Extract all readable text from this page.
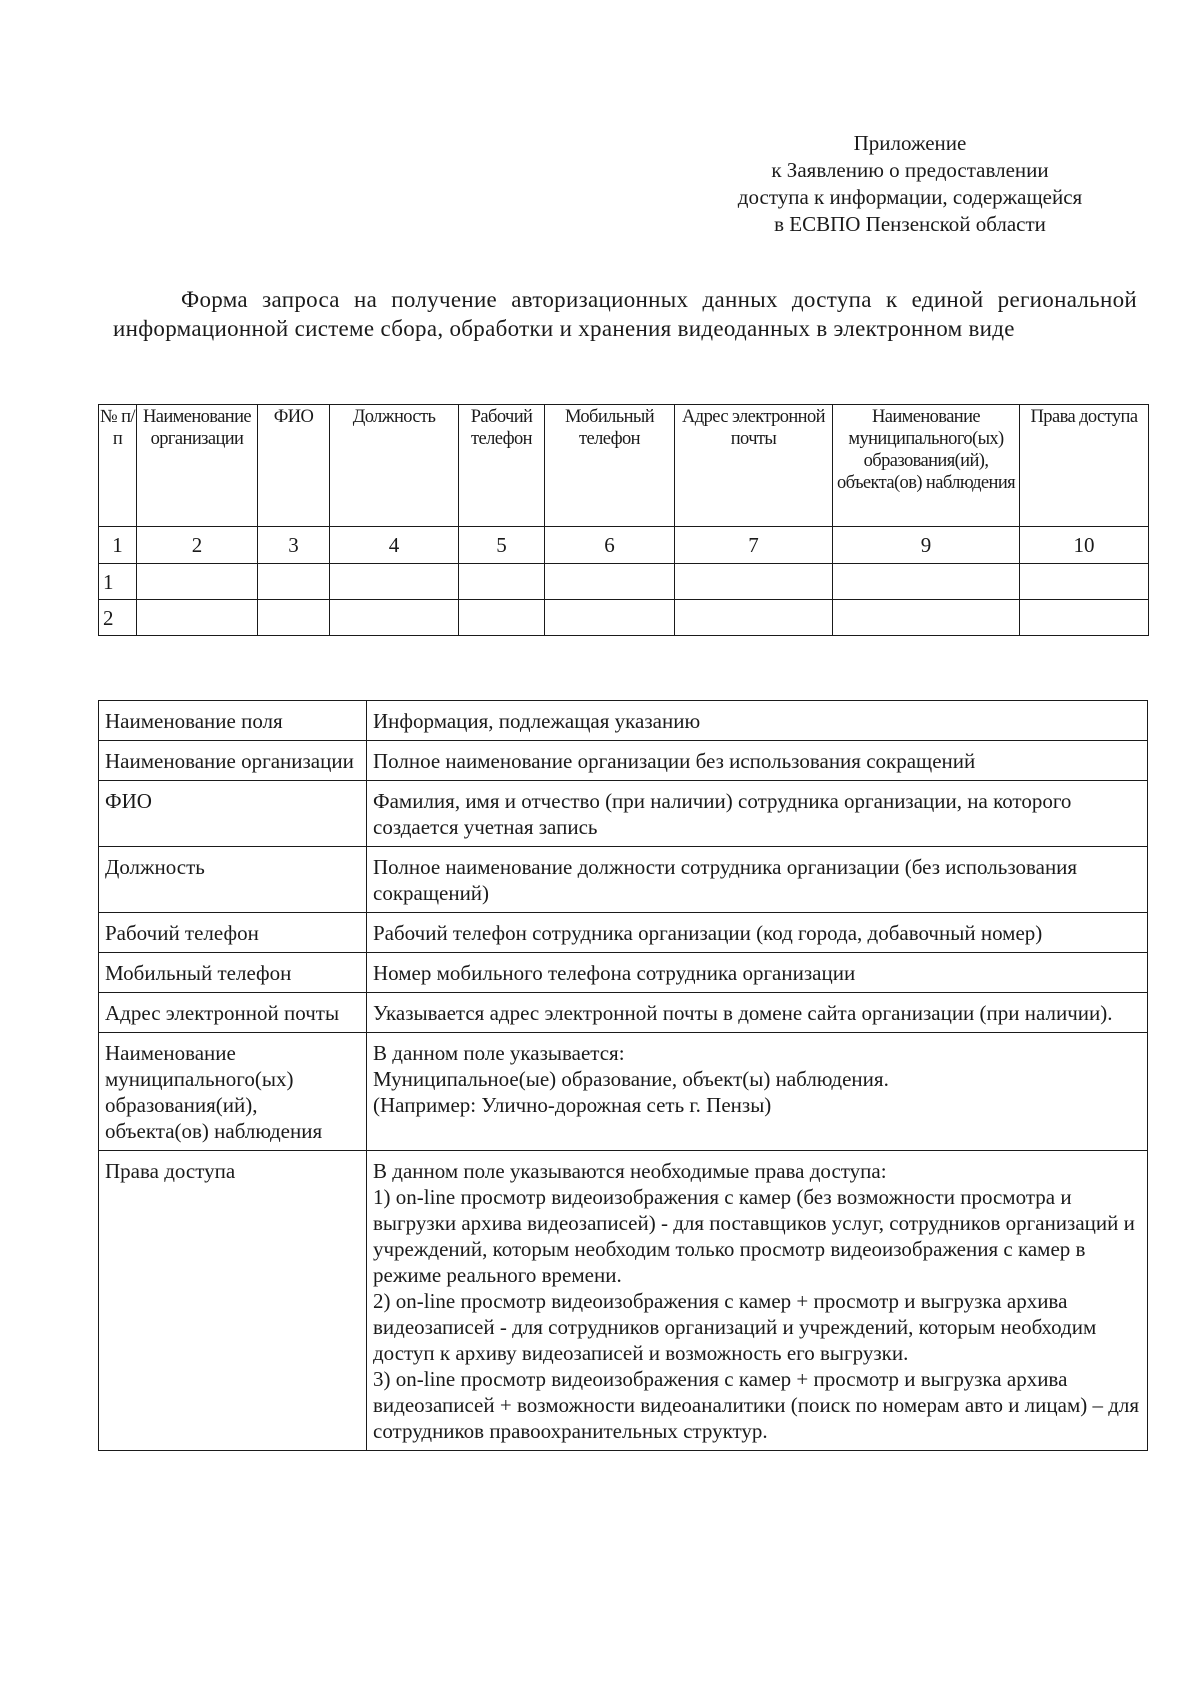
Приложение
к Заявлению о предоставлении
доступа к информации, содержащейся
в ЕСВПО Пензенской области
Форма запроса на получение авторизационных данных доступа к единой региональной информационной системе сбора, обработки и хранения видеоданных в электронном виде
№ п/п	Наименование организации	ФИО	Должность	Рабочий телефон	Мобильный телефон	Адрес электронной почты	Наименование муниципального(ых) образования(ий), объекта(ов) наблюдения	Права доступа
1	2	3	4	5	6	7	9	10
1								
2								
Наименование поля	Информация, подлежащая указанию
Наименование организации	Полное наименование организации без использования сокращений

ФИО	Фамилия, имя и отчество (при наличии) сотрудника организации, на которого создается учетная запись

Должность	Полное наименование должности сотрудника организации (без использования сокращений)

Рабочий телефон	Рабочий телефон сотрудника организации (код города, добавочный номер)

Мобильный телефон	Номер мобильного телефона сотрудника организации

Адрес электронной почты	Указывается адрес электронной почты в домене сайта организации (при наличии).

Наименование муниципального(ых) образования(ий), объекта(ов) наблюдения	В данном поле указывается:
Муниципальное(ые) образование, объект(ы) наблюдения.
(Например: Улично-дорожная сеть г. Пензы)

Права доступа	В данном поле указываются необходимые права доступа:
1) on-line просмотр видеоизображения с камер (без возможности просмотра и выгрузки архива видеозаписей) - для поставщиков услуг, сотрудников организаций и учреждений, которым необходим только просмотр видеоизображения с камер в режиме реального времени.
2) on-line просмотр видеоизображения с камер + просмотр и выгрузка архива видеозаписей - для сотрудников организаций и учреждений, которым необходим доступ к архиву видеозаписей и возможность его выгрузки.
3) on-line просмотр видеоизображения с камер + просмотр и выгрузка архива видеозаписей + возможности видеоаналитики (поиск по номерам авто и лицам) – для сотрудников правоохранительных структур.
